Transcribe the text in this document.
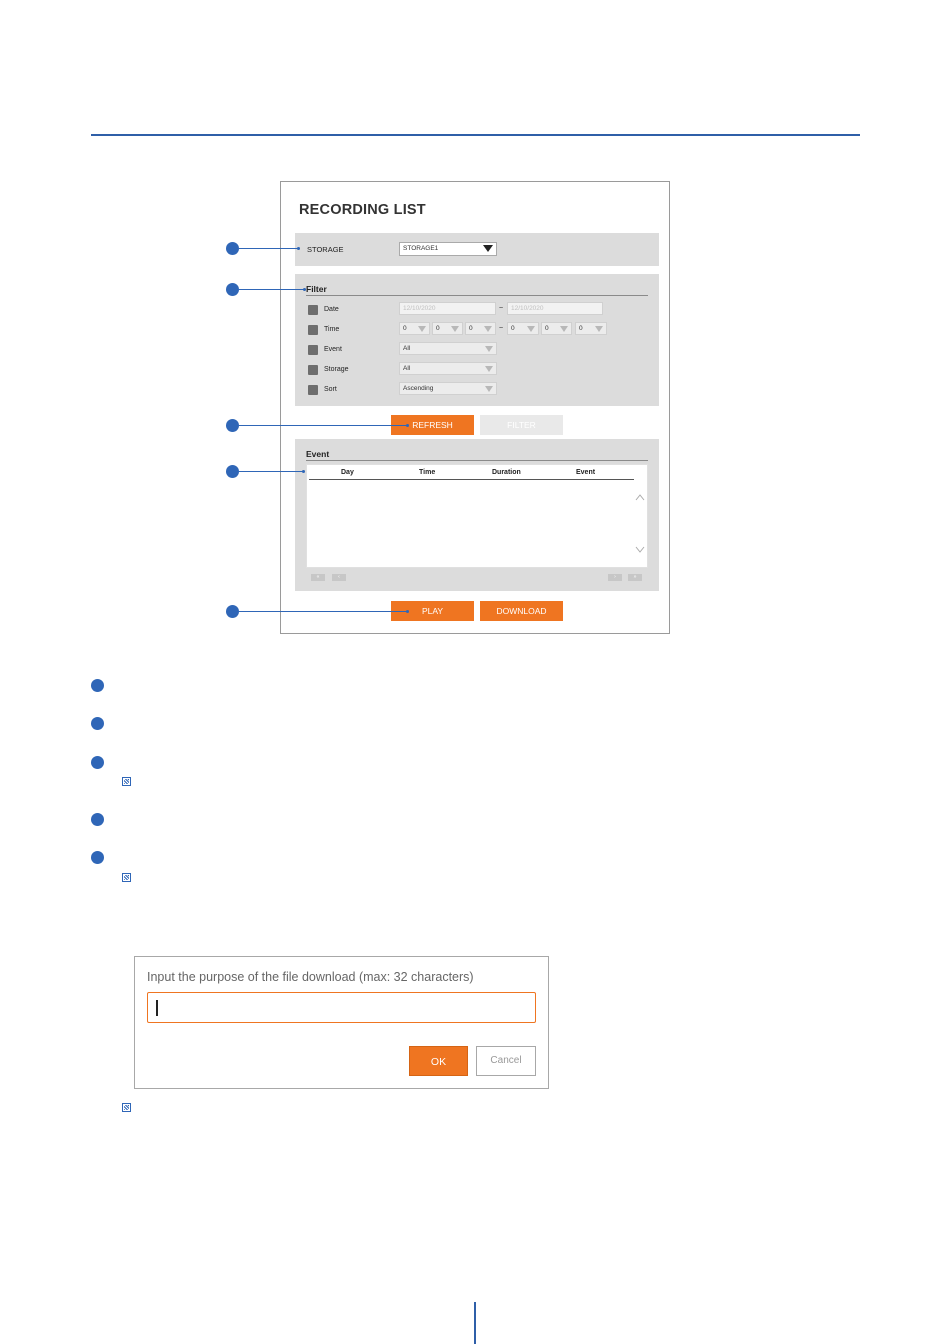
RECORDING LIST
STORAGE	STORAGE1
Filter
Date	12/10/2020	~	12/10/2020
Time	0	0	0	~	0	0	0
Event	All
Storage	All
Sort	Ascending
REFRESH	FILTER
Event
Day	Time	Duration	Event
«	‹	›	»
PLAY	DOWNLOAD
Input the purpose of the file download (max: 32 characters)
OK	Cancel
